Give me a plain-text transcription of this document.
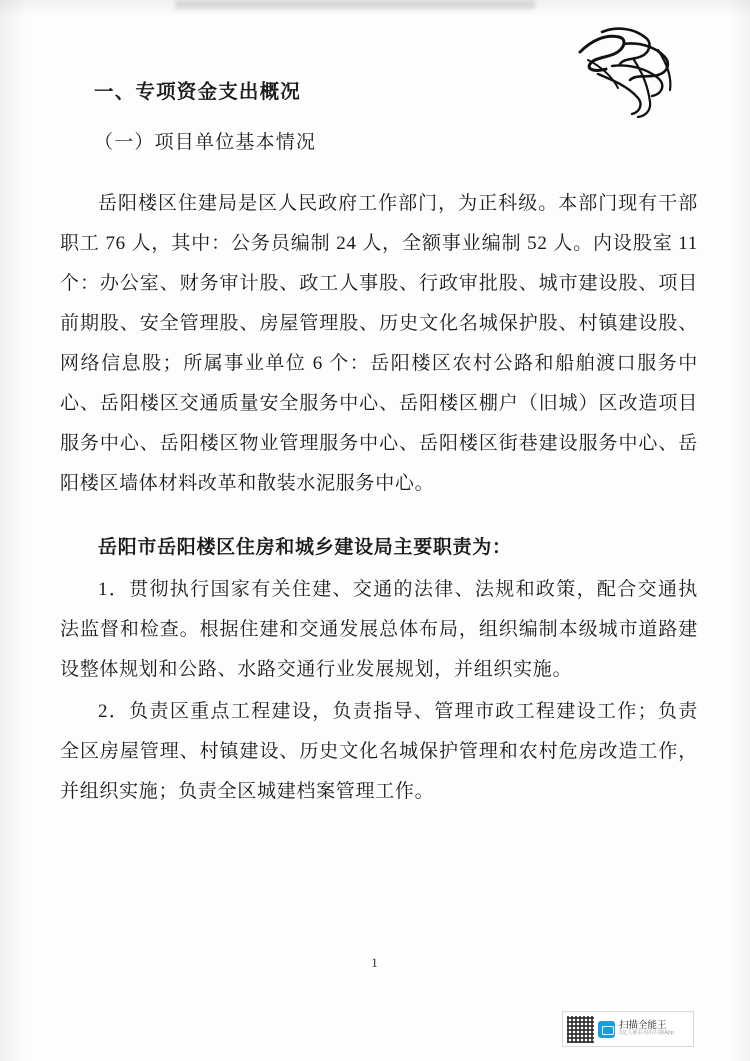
一、专项资金支出概况
（一）项目单位基本情况

岳阳楼区住建局是区人民政府工作部门，为正科级。本部门现有干部职工 76 人，其中：公务员编制 24 人，全额事业编制 52 人。内设股室 11 个：办公室、财务审计股、政工人事股、行政审批股、城市建设股、项目前期股、安全管理股、房屋管理股、历史文化名城保护股、村镇建设股、网络信息股；所属事业单位 6 个：岳阳楼区农村公路和船舶渡口服务中心、岳阳楼区交通质量安全服务中心、岳阳楼区棚户（旧城）区改造项目服务中心、岳阳楼区物业管理服务中心、岳阳楼区街巷建设服务中心、岳阳楼区墙体材料改革和散装水泥服务中心。

岳阳市岳阳楼区住房和城乡建设局主要职责为：

1．贯彻执行国家有关住建、交通的法律、法规和政策，配合交通执法监督和检查。根据住建和交通发展总体布局，组织编制本级城市道路建设整体规划和公路、水路交通行业发展规划，并组织实施。

2．负责区重点工程建设，负责指导、管理市政工程建设工作；负责全区房屋管理、村镇建设、历史文化名城保护管理和农村危房改造工作，并组织实施；负责全区城建档案管理工作。

1
扫描全能王
3亿人都在用的扫描App
